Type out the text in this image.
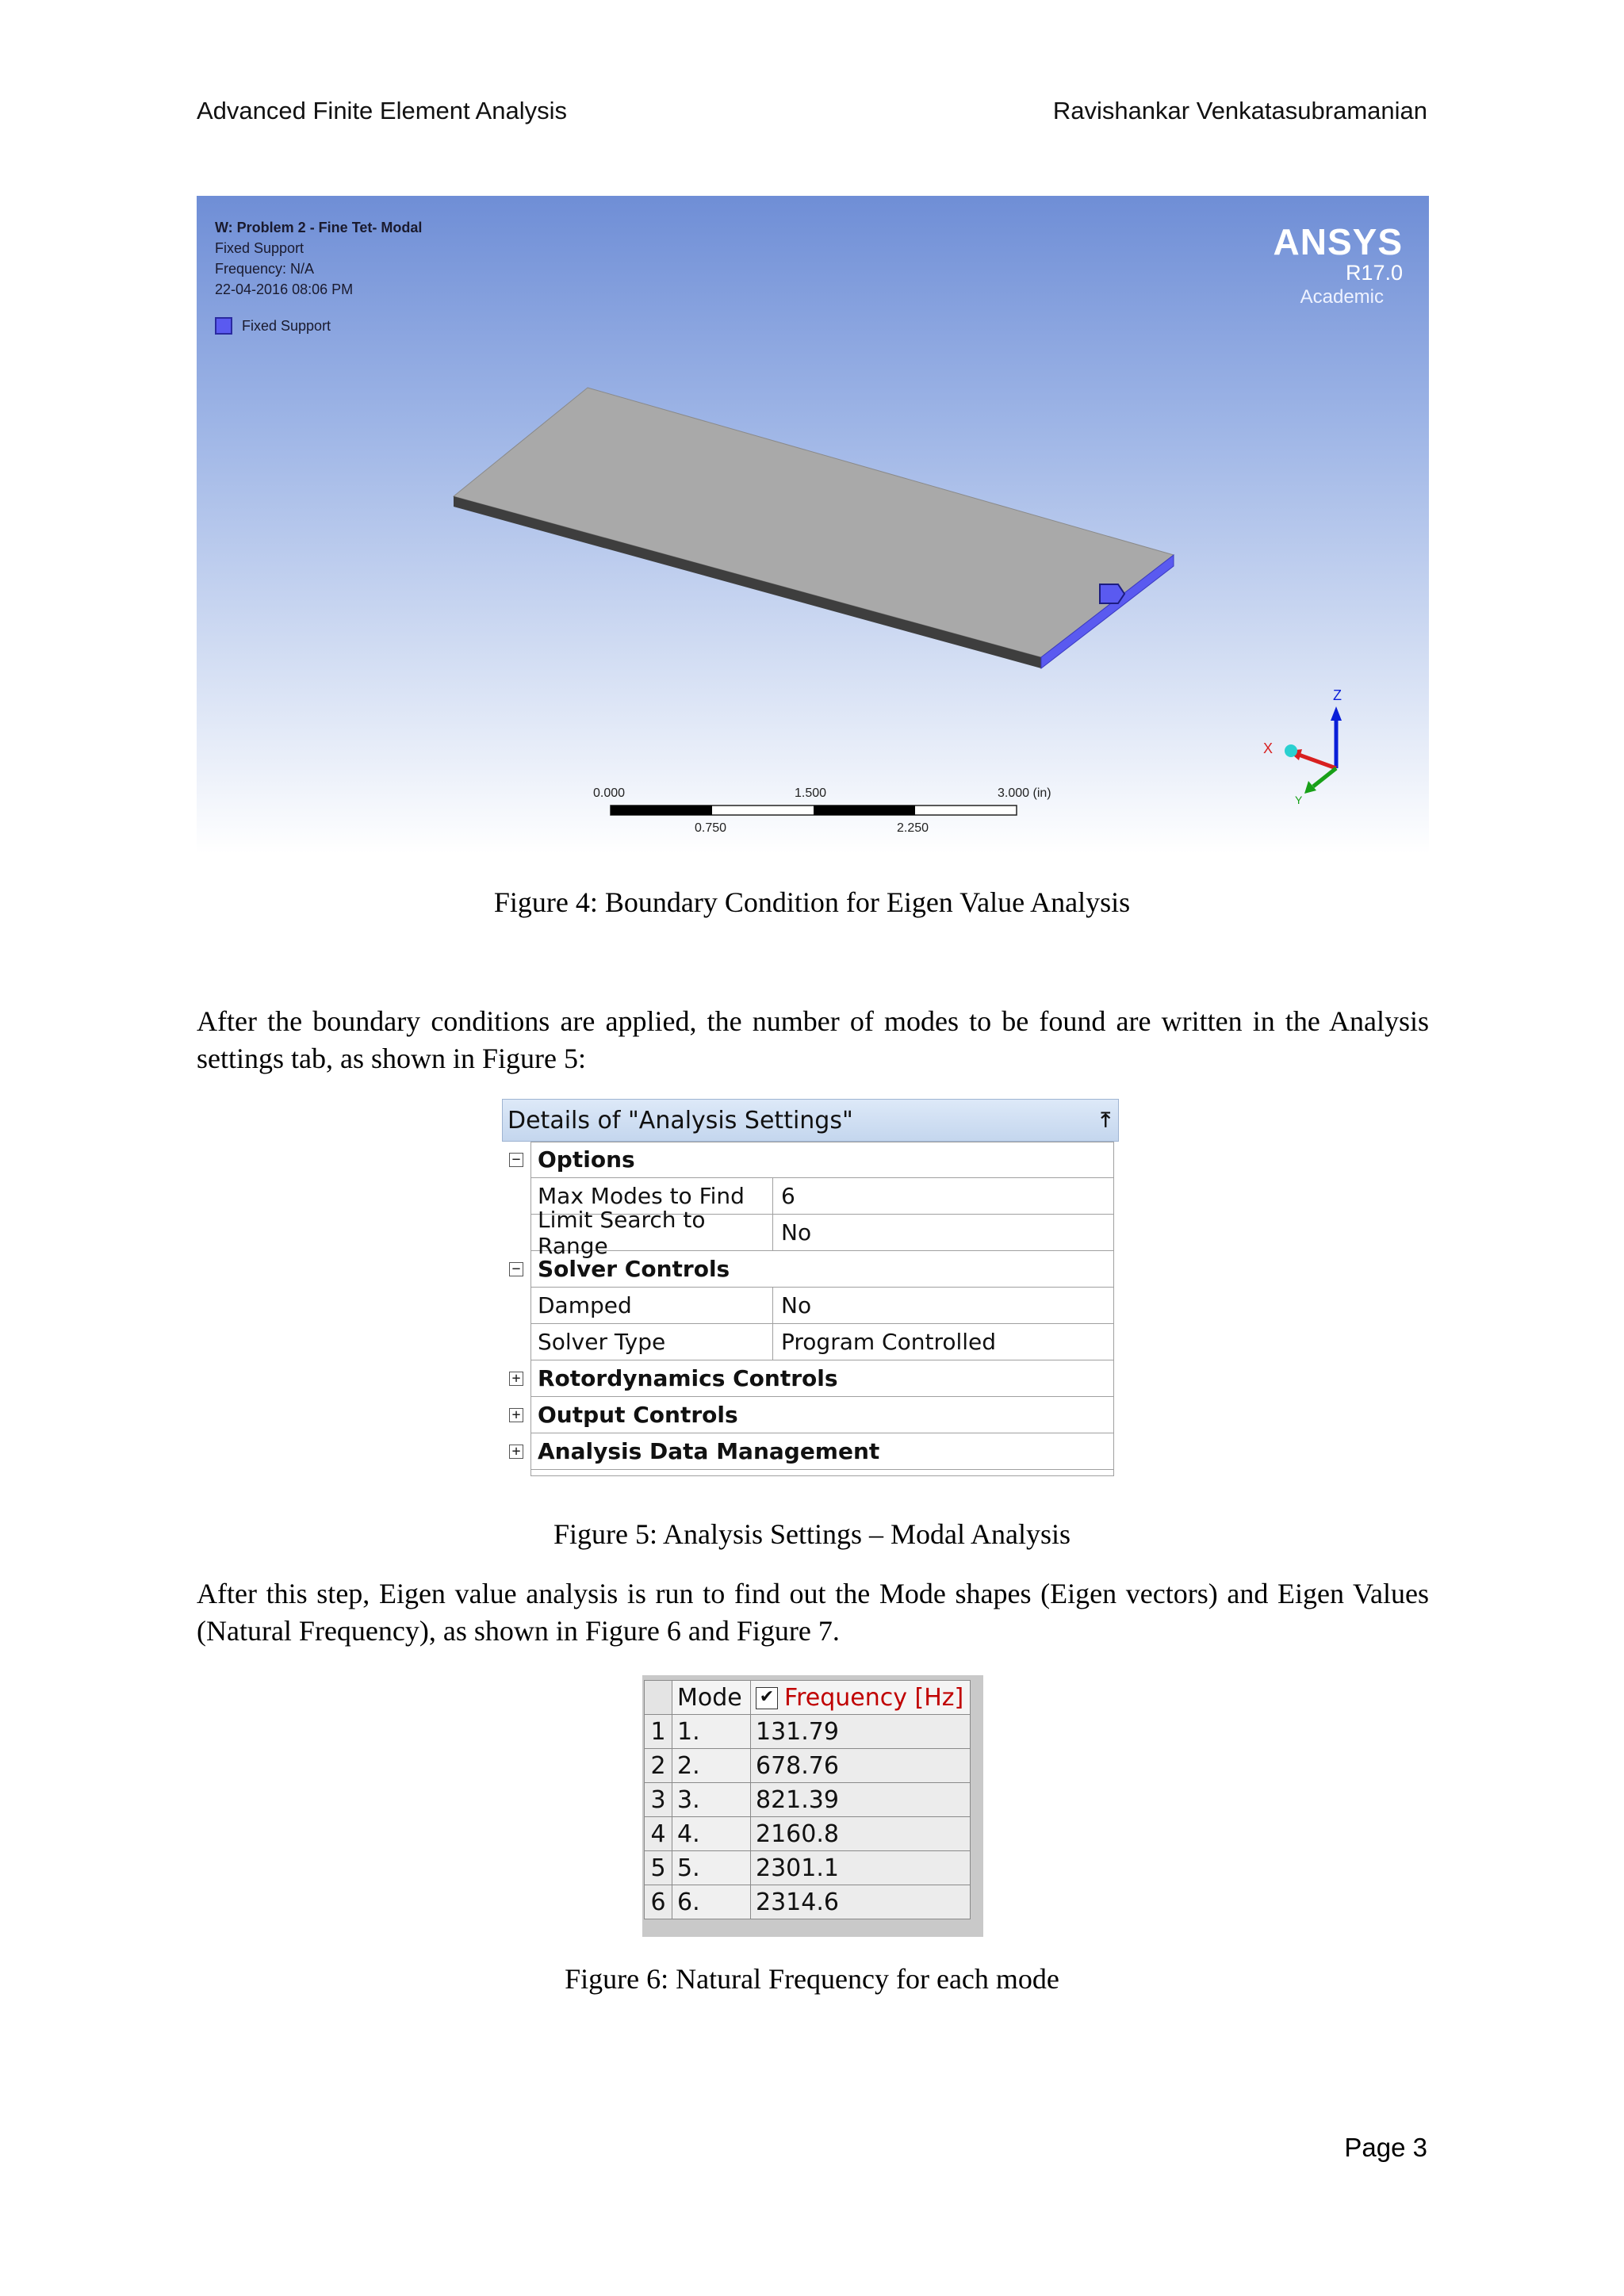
Advanced Finite Element Analysis	Ravishankar Venkatasubramanian
W: Problem 2 - Fine Tet- Modal
Fixed Support
Frequency: N/A
22-04-2016 08:06 PM
Fixed Support
ANSYS
R17.0
Academic
Z
X
Y
0.000	1.500	3.000 (in)
0.750	2.250
Figure 4: Boundary Condition for Eigen Value Analysis
After the boundary conditions are applied, the number of modes to be found are written in the Analysis settings tab, as shown in Figure 5:
Details of "Analysis Settings"	⤒
− Options
Max Modes to Find	6
Limit Search to Range	No
− Solver Controls
Damped	No
Solver Type	Program Controlled
+ Rotordynamics Controls
+ Output Controls
+ Analysis Data Management
Figure 5: Analysis Settings – Modal Analysis
After this step, Eigen value analysis is run to find out the Mode shapes (Eigen vectors) and Eigen Values (Natural Frequency), as shown in Figure 6 and Figure 7.
	Mode	✔ Frequency [Hz]
1	1.	131.79
2	2.	678.76
3	3.	821.39
4	4.	2160.8
5	5.	2301.1
6	6.	2314.6
Figure 6: Natural Frequency for each mode
Page 3
